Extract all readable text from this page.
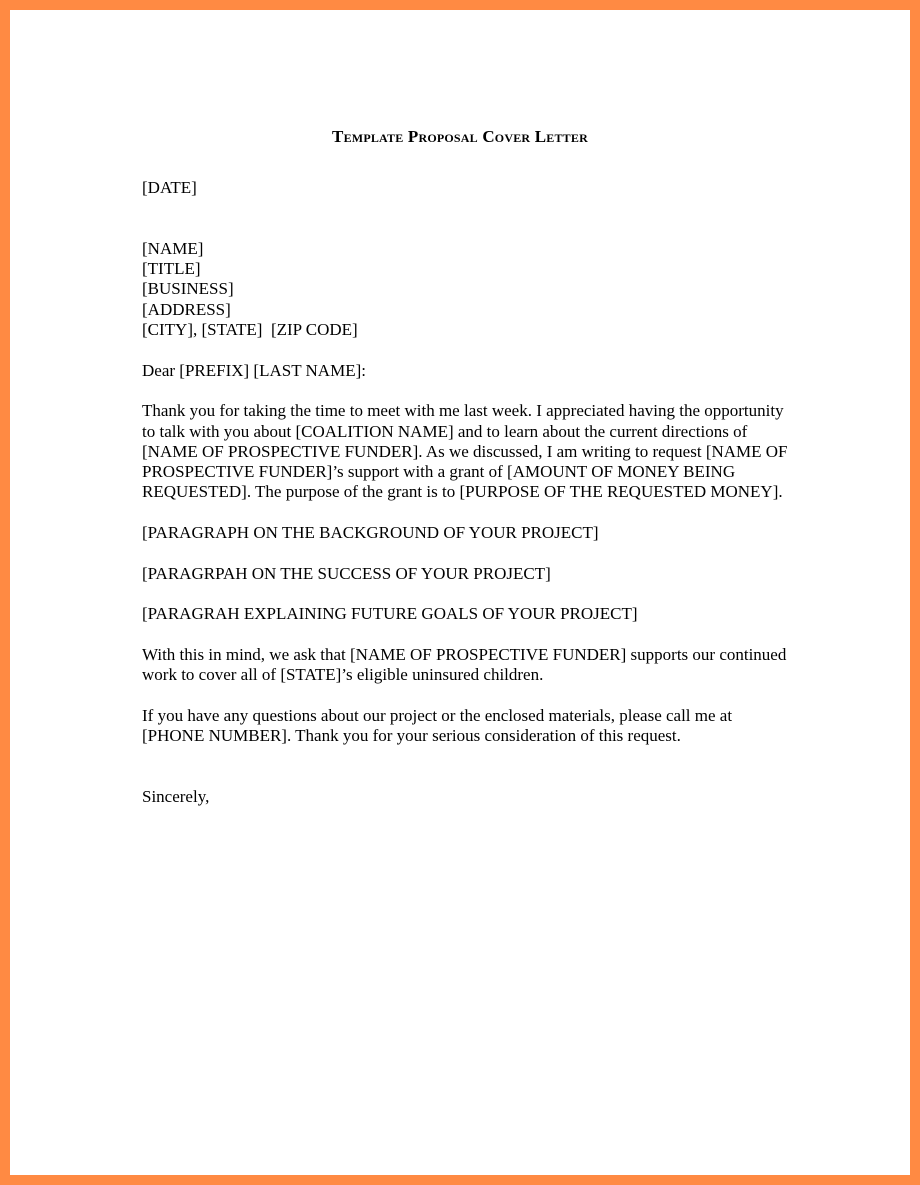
Template Proposal Cover Letter

[DATE]

[NAME]

[TITLE]

[BUSINESS]

[ADDRESS]

[CITY], [STATE]  [ZIP CODE]

Dear [PREFIX] [LAST NAME]:

Thank you for taking the time to meet with me last week. I appreciated having the opportunity to talk with you about [COALITION NAME] and to learn about the current directions of [NAME OF PROSPECTIVE FUNDER]. As we discussed, I am writing to request [NAME OF PROSPECTIVE FUNDER]’s support with a grant of [AMOUNT OF MONEY BEING REQUESTED]. The purpose of the grant is to [PURPOSE OF THE REQUESTED MONEY].

[PARAGRAPH ON THE BACKGROUND OF YOUR PROJECT]

[PARAGRPAH ON THE SUCCESS OF YOUR PROJECT]

[PARAGRAH EXPLAINING FUTURE GOALS OF YOUR PROJECT]

With this in mind, we ask that [NAME OF PROSPECTIVE FUNDER] supports our continued work to cover all of [STATE]’s eligible uninsured children.

If you have any questions about our project or the enclosed materials, please call me at [PHONE NUMBER]. Thank you for your serious consideration of this request.

Sincerely,
